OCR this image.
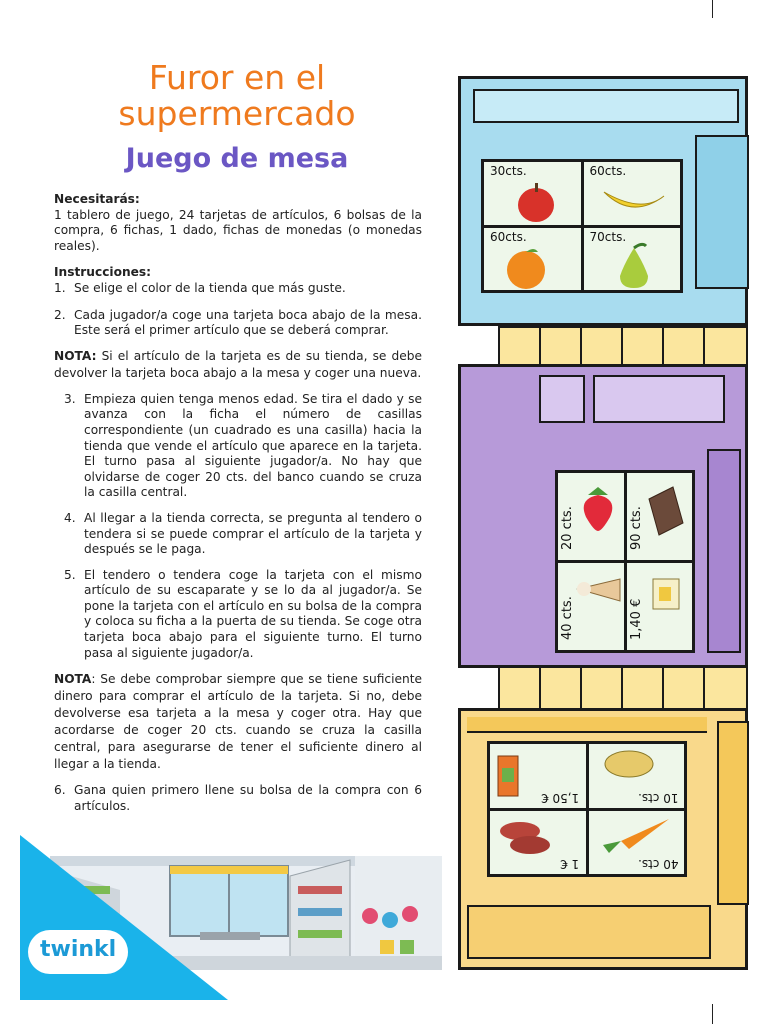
Furor en el
supermercado
Juego de mesa

Necesitarás:

1 tablero de juego, 24 tarjetas de artículos, 6 bolsas de la compra, 6 fichas, 1 dado, fichas de monedas (o monedas reales).

Instrucciones:

1. Se elige el color de la tienda que más guste.
2. Cada jugador/a coge una tarjeta boca abajo de la mesa. Este será el primer artículo que se deberá comprar.

NOTA: Si el artículo de la tarjeta es de su tienda, se debe devolver la tarjeta boca abajo a la mesa y coger una nueva.

3. Empieza quien tenga menos edad. Se tira el dado y se avanza con la ficha el número de casillas correspondiente (un cuadrado es una casilla) hacia la tienda que vende el artículo que aparece en la tarjeta. El turno pasa al siguiente jugador/a. No hay que olvidarse de coger 20 cts. del banco cuando se cruza la casilla central.
4. Al llegar a la tienda correcta, se pregunta al tendero o tendera si se puede comprar el artículo de la tarjeta y después se le paga.
5. El tendero o tendera coge la tarjeta con el mismo artículo de su escaparate y se lo da al jugador/a. Se pone la tarjeta con el artículo en su bolsa de la compra y coloca su ficha a la puerta de su tienda. Se coge otra tarjeta boca abajo para el siguiente turno. El turno pasa al siguiente jugador/a.

NOTA: Se debe comprobar siempre que se tiene suficiente dinero para comprar el artículo de la tarjeta. Si no, debe devolverse esa tarjeta a la mesa y coger otra. Hay que acordarse de coger 20 cts. cuando se cruza la casilla central, para asegurarse de tener el suficiente dinero al llegar a la tienda.

6. Gana quien primero llene su bolsa de la compra con 6 artículos.
twinkl
30cts.	60cts.
60cts.	70cts.
20 cts.	90 cts.
40 cts.	1,40 €
1,50 €	10 cts.
1 €	40 cts.
